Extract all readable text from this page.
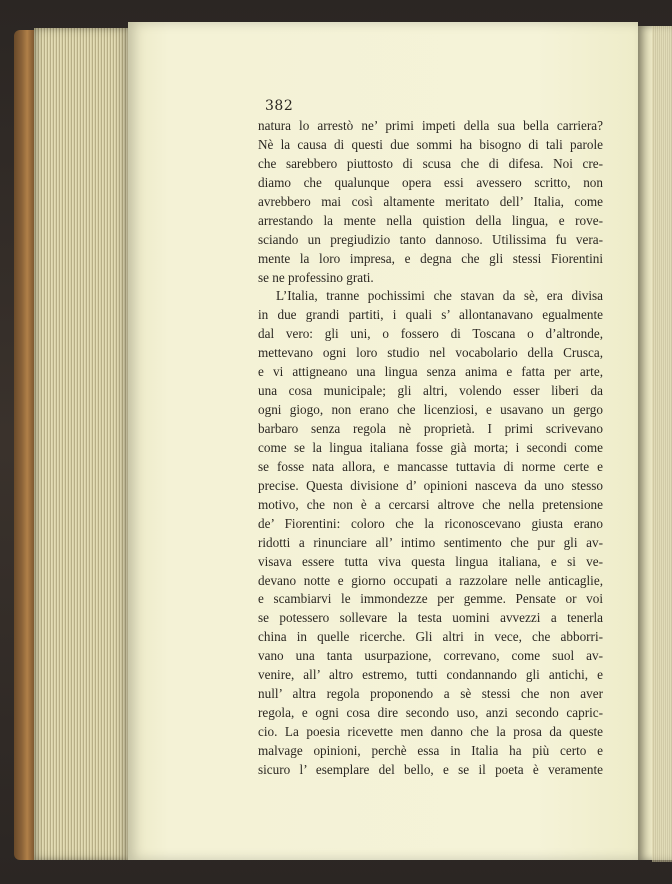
382
natura lo arrestò ne’ primi impeti della sua bella carriera?
Nè la causa di questi due sommi ha bisogno di tali parole
che sarebbero piuttosto di scusa che di difesa. Noi cre-
diamo che qualunque opera essi avessero scritto, non
avrebbero mai così altamente meritato dell’ Italia, come
arrestando la mente nella quistion della lingua, e rove-
sciando un pregiudizio tanto dannoso. Utilissima fu vera-
mente la loro impresa, e degna che gli stessi Fiorentini
se ne professino grati.
L’Italia, tranne pochissimi che stavan da sè, era divisa
in due grandi partiti, i quali s’ allontanavano egualmente
dal vero: gli uni, o fossero di Toscana o d’altronde,
mettevano ogni loro studio nel vocabolario della Crusca,
e vi attigneano una lingua senza anima e fatta per arte,
una cosa municipale; gli altri, volendo esser liberi da
ogni giogo, non erano che licenziosi, e usavano un gergo
barbaro senza regola nè proprietà. I primi scrivevano
come se la lingua italiana fosse già morta; i secondi come
se fosse nata allora, e mancasse tuttavia di norme certe e
precise. Questa divisione d’ opinioni nasceva da uno stesso
motivo, che non è a cercarsi altrove che nella pretensione
de’ Fiorentini: coloro che la riconoscevano giusta erano
ridotti a rinunciare all’ intimo sentimento che pur gli av-
visava essere tutta viva questa lingua italiana, e si ve-
devano notte e giorno occupati a razzolare nelle anticaglie,
e scambiarvi le immondezze per gemme. Pensate or voi
se potessero sollevare la testa uomini avvezzi a tenerla
china in quelle ricerche. Gli altri in vece, che abborri-
vano una tanta usurpazione, correvano, come suol av-
venire, all’ altro estremo, tutti condannando gli antichi, e
null’ altra regola proponendo a sè stessi che non aver
regola, e ogni cosa dire secondo uso, anzi secondo capric-
cio. La poesia ricevette men danno che la prosa da queste
malvage opinioni, perchè essa in Italia ha più certo e
sicuro l’ esemplare del bello, e se il poeta è veramente
